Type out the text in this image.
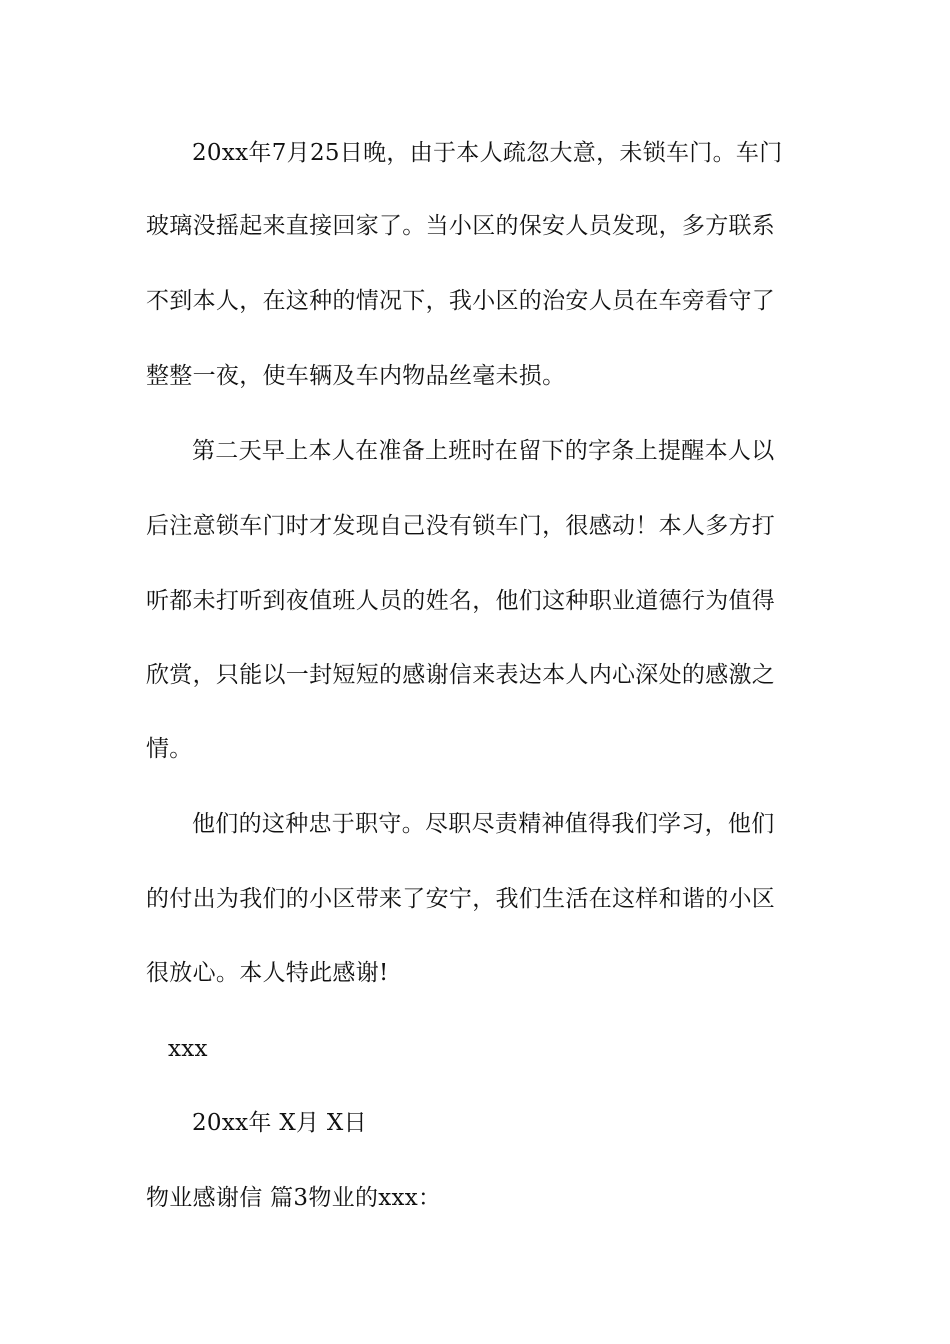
20xx年7月25日晚，由于本人疏忽大意，未锁车门。车门
玻璃没摇起来直接回家了。当小区的保安人员发现，多方联系
不到本人，在这种的情况下，我小区的治安人员在车旁看守了
整整一夜，使车辆及车内物品丝毫未损。
第二天早上本人在准备上班时在留下的字条上提醒本人以
后注意锁车门时才发现自己没有锁车门，很感动！本人多方打
听都未打听到夜值班人员的姓名，他们这种职业道德行为值得
欣赏，只能以一封短短的感谢信来表达本人内心深处的感激之
情。
他们的这种忠于职守。尽职尽责精神值得我们学习，他们
的付出为我们的小区带来了安宁，我们生活在这样和谐的小区
很放心。本人特此感谢!
xxx
20xx年 X月 X日
物业感谢信 篇3物业的xxx：
